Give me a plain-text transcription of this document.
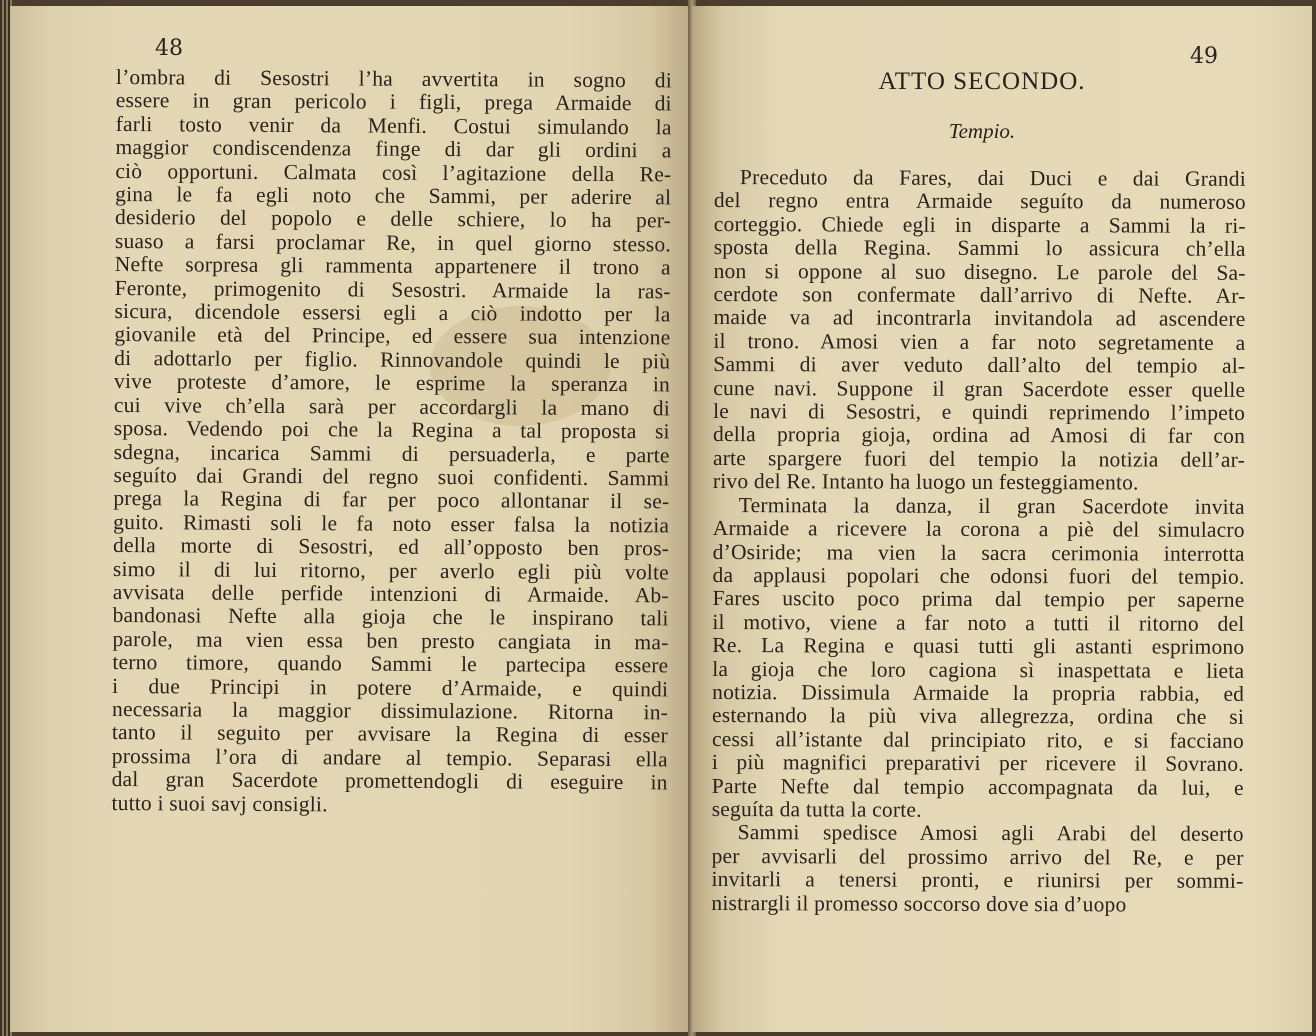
48
l’ombra di Sesostri l’ha avvertita in sogno di
essere in gran pericolo i figli, prega Armaide di
farli tosto venir da Menfi. Costui simulando la
maggior condiscendenza finge di dar gli ordini a
ciò opportuni. Calmata così l’agitazione della Re-
gina le fa egli noto che Sammi, per aderire al
desiderio del popolo e delle schiere, lo ha per-
suaso a farsi proclamar Re, in quel giorno stesso.
Nefte sorpresa gli rammenta appartenere il trono a
Feronte, primogenito di Sesostri. Armaide la ras-
sicura, dicendole essersi egli a ciò indotto per la
giovanile età del Principe, ed essere sua intenzione
di adottarlo per figlio. Rinnovandole quindi le più
vive proteste d’amore, le esprime la speranza in
cui vive ch’ella sarà per accordargli la mano di
sposa. Vedendo poi che la Regina a tal proposta si
sdegna, incarica Sammi di persuaderla, e parte
seguíto dai Grandi del regno suoi confidenti. Sammi
prega la Regina di far per poco allontanar il se-
guito. Rimasti soli le fa noto esser falsa la notizia
della morte di Sesostri, ed all’opposto ben pros-
simo il di lui ritorno, per averlo egli più volte
avvisata delle perfide intenzioni di Armaide. Ab-
bandonasi Nefte alla gioja che le inspirano tali
parole, ma vien essa ben presto cangiata in ma-
terno timore, quando Sammi le partecipa essere
i due Principi in potere d’Armaide, e quindi
necessaria la maggior dissimulazione. Ritorna in-
tanto il seguito per avvisare la Regina di esser
prossima l’ora di andare al tempio. Separasi ella
dal gran Sacerdote promettendogli di eseguire in
tutto i suoi savj consigli.
49
ATTO SECONDO.
Tempio.
Preceduto da Fares, dai Duci e dai Grandi
del regno entra Armaide seguíto da numeroso
corteggio. Chiede egli in disparte a Sammi la ri-
sposta della Regina. Sammi lo assicura ch’ella
non si oppone al suo disegno. Le parole del Sa-
cerdote son confermate dall’arrivo di Nefte. Ar-
maide va ad incontrarla invitandola ad ascendere
il trono. Amosi vien a far noto segretamente a
Sammi di aver veduto dall’alto del tempio al-
cune navi. Suppone il gran Sacerdote esser quelle
le navi di Sesostri, e quindi reprimendo l’impeto
della propria gioja, ordina ad Amosi di far con
arte spargere fuori del tempio la notizia dell’ar-
rivo del Re. Intanto ha luogo un festeggiamento.
Terminata la danza, il gran Sacerdote invita
Armaide a ricevere la corona a piè del simulacro
d’Osiride; ma vien la sacra cerimonia interrotta
da applausi popolari che odonsi fuori del tempio.
Fares uscito poco prima dal tempio per saperne
il motivo, viene a far noto a tutti il ritorno del
Re. La Regina e quasi tutti gli astanti esprimono
la gioja che loro cagiona sì inaspettata e lieta
notizia. Dissimula Armaide la propria rabbia, ed
esternando la più viva allegrezza, ordina che si
cessi all’istante dal principiato rito, e si facciano
i più magnifici preparativi per ricevere il Sovrano.
Parte Nefte dal tempio accompagnata da lui, e
seguíta da tutta la corte.
Sammi spedisce Amosi agli Arabi del deserto
per avvisarli del prossimo arrivo del Re, e per
invitarli a tenersi pronti, e riunirsi per sommi-
nistrargli il promesso soccorso dove sia d’uopo
